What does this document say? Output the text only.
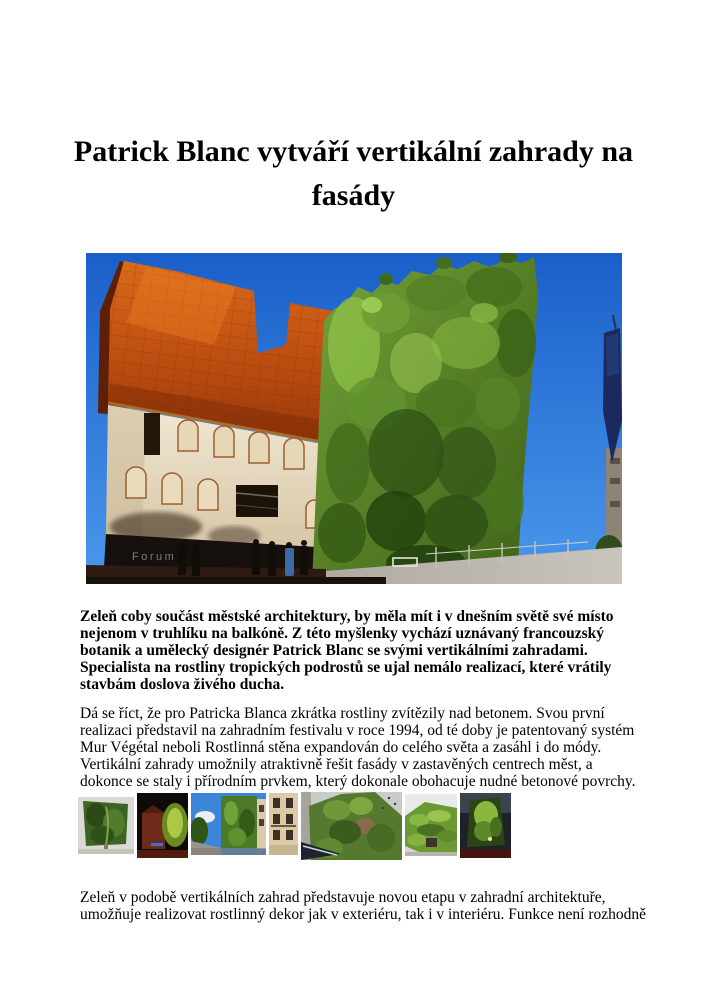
Patrick Blanc vytváří vertikální zahrady na fasády
Forum

Zeleň coby součást městské architektury, by měla mít i v dnešním světě své místo nejenom v truhlíku na balkóně. Z této myšlenky vychází uznávaný francouzský botanik a umělecký designér Patrick Blanc se svými vertikálními zahradami. Specialista na rostliny tropických podrostů se ujal nemálo realizací, které vrátily stavbám doslova živého ducha.

Dá se říct, že pro Patricka Blanca zkrátka rostliny zvítězily nad betonem. Svou první realizaci představil na zahradním festivalu v roce 1994, od té doby je patentovaný systém Mur Végétal neboli Rostlinná stěna expandován do celého světa a zasáhl i do módy. Vertikální zahrady umožnily atraktivně řešit fasády v zastavěných centrech měst, a dokonce se staly i přírodním prvkem, který dokonale obohacuje nudné betonové povrchy.

Zeleň v podobě vertikálních zahrad představuje novou etapu v zahradní architektuře, umožňuje realizovat rostlinný dekor jak v exteriéru, tak i v interiéru. Funkce není rozhodně
